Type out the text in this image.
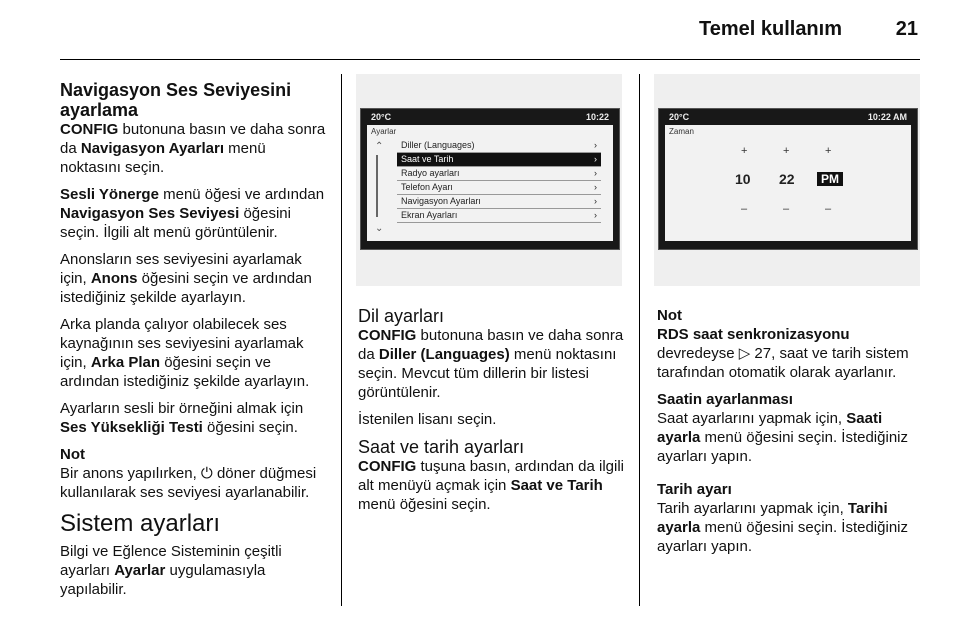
Temel kullanım	21
Navigasyon Ses Seviyesini ayarlama

CONFIG butonuna basın ve daha sonra da Navigasyon Ayarları menü noktasını seçin.

Sesli Yönerge menü öğesi ve ardından Navigasyon Ses Seviyesi öğesini seçin. İlgili alt menü görüntülenir.

Anonsların ses seviyesini ayarlamak için, Anons öğesini seçin ve ardından istediğiniz şekilde ayarlayın.

Arka planda çalıyor olabilecek ses kaynağının ses seviyesini ayarlamak için, Arka Plan öğesini seçin ve ardından istediğiniz şekilde ayarlayın.

Ayarların sesli bir örneğini almak için Ses Yüksekliği Testi öğesini seçin.

Not
Bir anons yapılırken, ⏻ döner düğmesi kullanılarak ses seviyesi ayarlanabilir.

Sistem ayarları

Bilgi ve Eğlence Sisteminin çeşitli ayarları Ayarlar uygulamasıyla yapılabilir.

20°C	10:22
Ayarlar
⌃
⌄
Diller (Languages)	›
Saat ve Tarih	›
Radyo ayarları	›
Telefon Ayarı	›
Navigasyon Ayarları	›
Ekran Ayarları	›
Dil ayarları

CONFIG butonuna basın ve daha sonra da Diller (Languages) menü noktasını seçin. Mevcut tüm dillerin bir listesi görüntülenir.

İstenilen lisanı seçin.

Saat ve tarih ayarları

CONFIG tuşuna basın, ardından da ilgili alt menüyü açmak için Saat ve Tarih menü öğesini seçin.

20°C	10:22 AM
Zaman
+	+	+
10 22	PM
–	–	–

Not
RDS saat senkronizasyonu
devredeyse ▷ 27, saat ve tarih sistem tarafından otomatik olarak ayarlanır.

Saatin ayarlanması

Saat ayarlarını yapmak için, Saati ayarla menü öğesini seçin. İstediğiniz ayarları yapın.

Tarih ayarı

Tarih ayarlarını yapmak için, Tarihi ayarla menü öğesini seçin. İstediğiniz ayarları yapın.
